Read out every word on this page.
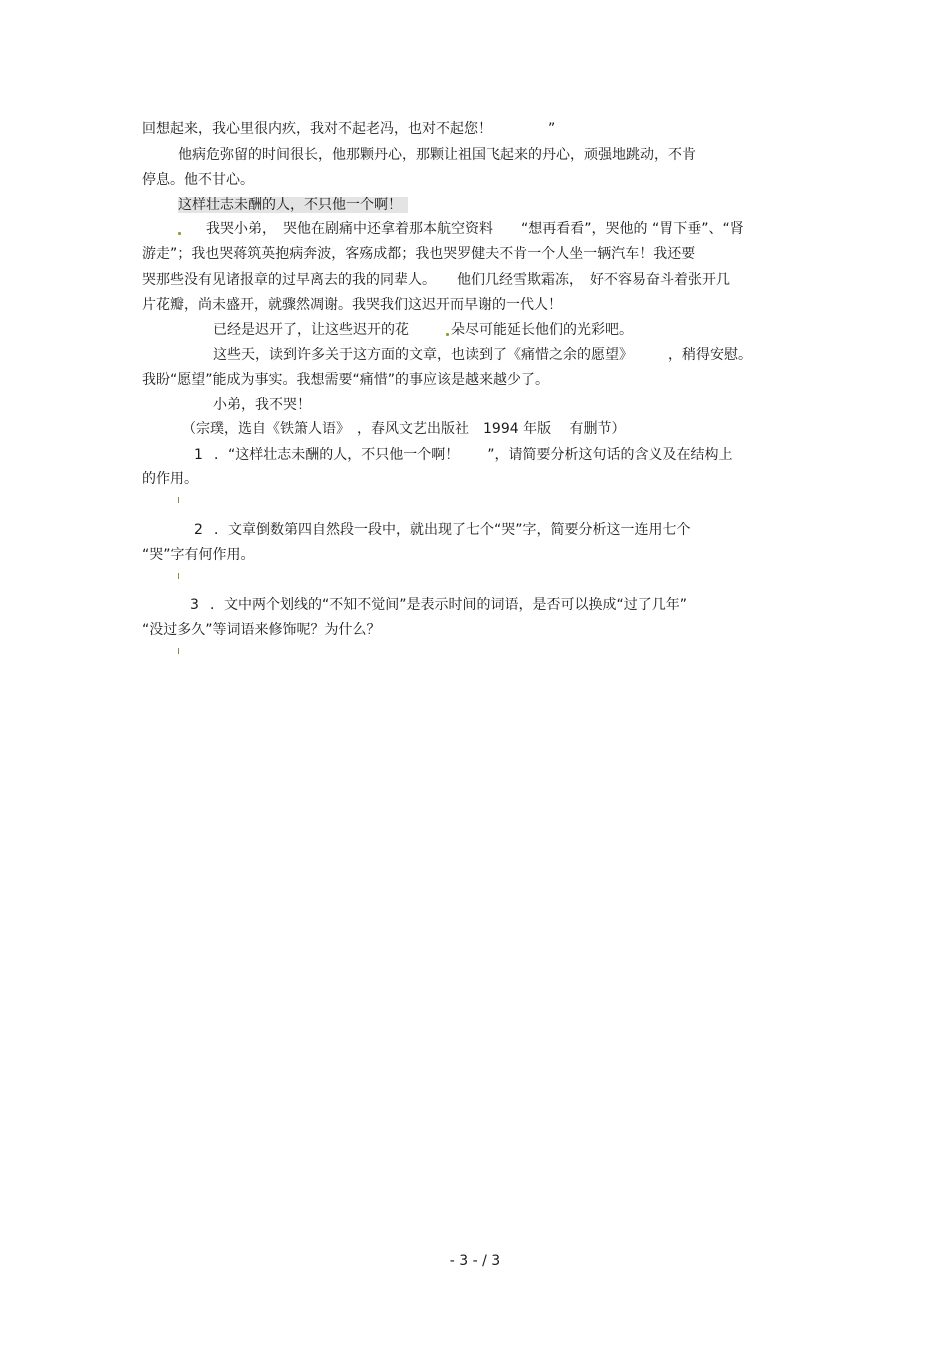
回想起来，我心里很内疚，我对不起老冯，也对不起您！　　　　”
他病危弥留的时间很长，他那颗丹心，那颗让祖国飞起来的丹心，顽强地跳动，不肯
停息。他不甘心。
这样壮志未酬的人，不只他一个啊！
我哭小弟，　哭他在剧痛中还拿着那本航空资料　　“想再看看”，哭他的 “胃下垂”、“肾
游走”；我也哭蒋筑英抱病奔波，客殇成都；我也哭罗健夫不肯一个人坐一辆汽车！我还要
哭那些没有见诸报章的过早离去的我的同辈人。　　他们几经雪欺霜冻，　好不容易奋斗着张开几
片花瓣，尚未盛开，就骤然凋谢。我哭我们这迟开而早谢的一代人！
已经是迟开了，让这些迟开的花	朵尽可能延长他们的光彩吧。
这些天，读到许多关于这方面的文章，也读到了《痛惜之余的愿望》　　　，稍得安慰。
我盼“愿望”能成为事实。我想需要“痛惜”的事应该是越来越少了。
小弟，我不哭！
（宗璞，选自《铁箫人语》　，春风文艺出版社　1994 年版　 有删节）
1 ．“这样壮志未酬的人，不只他一个啊！　　”，请简要分析这句话的含义及在结构上
的作用。
2 ．文章倒数第四自然段一段中，就出现了七个“哭”字，简要分析这一连用七个
“哭”字有何作用。
3 ．文中两个划线的“不知不觉间”是表示时间的词语，是否可以换成“过了几年”
“没过多久”等词语来修饰呢？为什么？
- 3 - / 3
